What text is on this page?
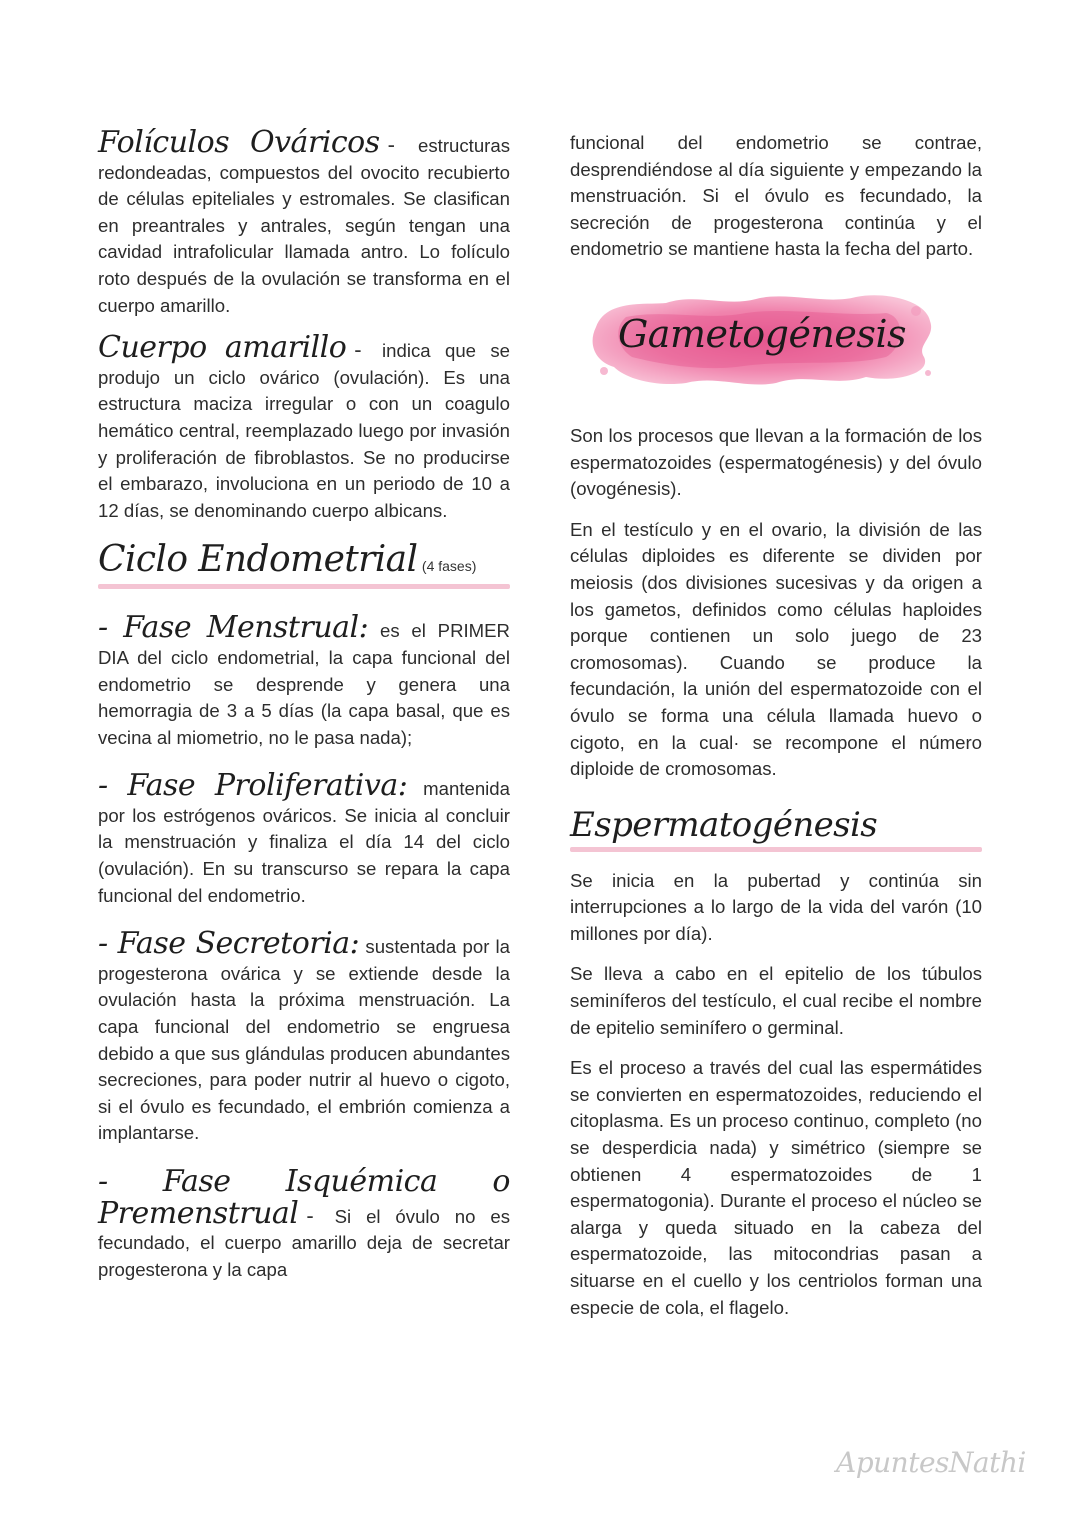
Folículos Ováricos - estructuras redondeadas, compuestos del ovocito recubierto de células epiteliales y estromales. Se clasifican en preantrales y antrales, según tengan una cavidad intrafolicular llamada antro. Lo folículo roto después de la ovulación se transforma en el cuerpo amarillo.

Cuerpo amarillo - indica que se produjo un ciclo ovárico (ovulación). Es una estructura maciza irregular o con un coagulo hemático central, reemplazado luego por invasión y proliferación de fibroblastos. Se no producirse el embarazo, involuciona en un periodo de 10 a 12 días, se denominando cuerpo albicans.

Ciclo Endometrial (4 fases)

- Fase Menstrual: es el PRIMER DIA del ciclo endometrial, la capa funcional del endometrio se desprende y genera una hemorragia de 3 a 5 días (la capa basal, que es vecina al miometrio, no le pasa nada);

- Fase Proliferativa: mantenida por los estrógenos ováricos. Se inicia al concluir la menstruación y finaliza el día 14 del ciclo (ovulación). En su transcurso se repara la capa funcional del endometrio.

- Fase Secretoria: sustentada por la progesterona ovárica y se extiende desde la ovulación hasta la próxima menstruación. La capa funcional del endometrio se engruesa debido a que sus glándulas producen abundantes secreciones, para poder nutrir al huevo o cigoto, si el óvulo es fecundado, el embrión comienza a implantarse.

- Fase Isquémica o Premenstrual - Si el óvulo no es fecundado, el cuerpo amarillo deja de secretar progesterona y la capa

funcional del endometrio se contrae, desprendiéndose al día siguiente y empezando la menstruación. Si el óvulo es fecundado, la secreción de progesterona continúa y el endometrio se mantiene hasta la fecha del parto.

Gametogénesis

Son los procesos que llevan a la formación de los espermatozoides (espermatogénesis) y del óvulo (ovogénesis).

En el testículo y en el ovario, la división de las células diploides es diferente se dividen por meiosis (dos divisiones sucesivas y da origen a los gametos, definidos como células haploides porque contienen un solo juego de 23 cromosomas). Cuando se produce la fecundación, la unión del espermatozoide con el óvulo se forma una célula llamada huevo o cigoto, en la cual· se recompone el número diploide de cromosomas.

Espermatogénesis

Se inicia en la pubertad y continúa sin interrupciones a lo largo de la vida del varón (10 millones por día).

Se lleva a cabo en el epitelio de los túbulos seminíferos del testículo, el cual recibe el nombre de epitelio seminífero o germinal.

Es el proceso a través del cual las espermátides se convierten en espermatozoides, reduciendo el citoplasma. Es un proceso continuo, completo (no se desperdicia nada) y simétrico (siempre se obtienen 4 espermatozoides de 1 espermatogonia). Durante el proceso el núcleo se alarga y queda situado en la cabeza del espermatozoide, las mitocondrias pasan a situarse en el cuello y los centriolos forman una especie de cola, el flagelo.

ApuntesNathi
